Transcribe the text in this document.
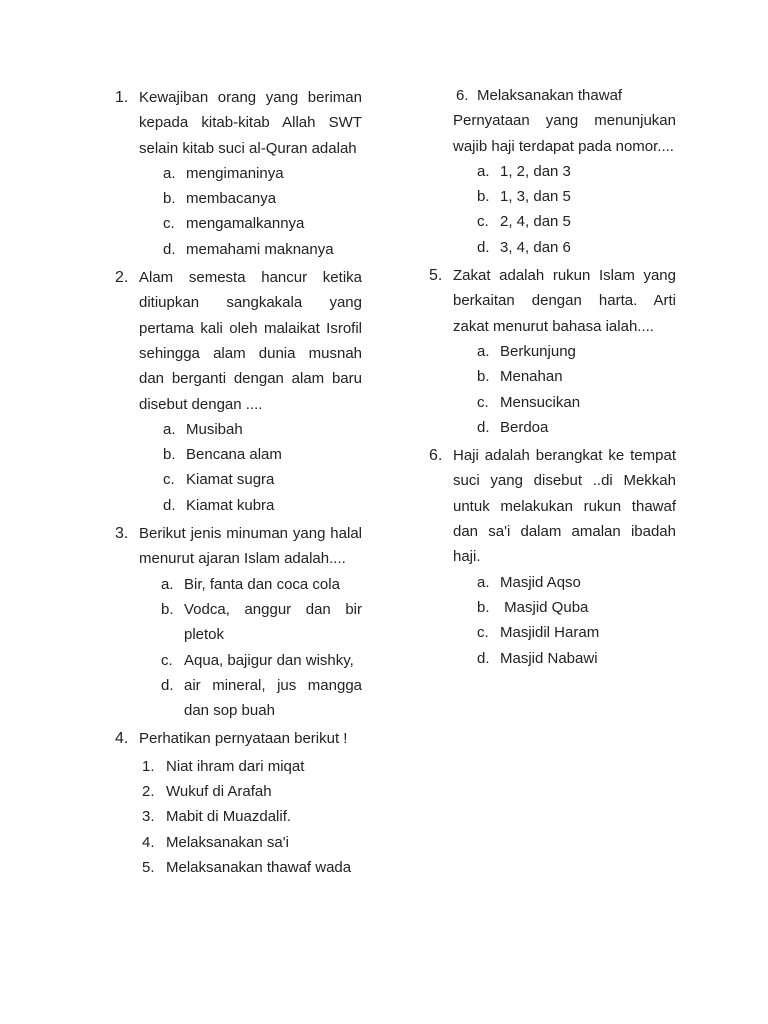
1. Kewajiban orang yang beriman kepada kitab-kitab Allah SWT selain kitab suci al-Quran adalah
a. mengimaninya
b. membacanya
c. mengamalkannya
d. memahami maknanya
2. Alam semesta hancur ketika ditiupkan sangkakala yang pertama kali oleh malaikat Isrofil sehingga alam dunia musnah dan berganti dengan alam baru disebut dengan ....
a. Musibah
b. Bencana alam
c. Kiamat sugra
d. Kiamat kubra
3. Berikut jenis minuman yang halal menurut ajaran Islam adalah....
a. Bir, fanta dan coca cola
b. Vodca, anggur dan bir pletok
c. Aqua, bajigur dan wishky,
d. air mineral, jus mangga dan sop buah
4. Perhatikan pernyataan berikut !
1. Niat ihram dari miqat
2. Wukuf di Arafah
3. Mabit di Muazdalif.
4. Melaksanakan sa'i
5. Melaksanakan thawaf wada
6. Melaksanakan thawaf
Pernyataan yang menunjukan wajib haji terdapat pada nomor....
a. 1, 2, dan 3
b. 1, 3, dan 5
c. 2, 4, dan 5
d. 3, 4, dan 6
5. Zakat adalah rukun Islam yang berkaitan dengan harta. Arti zakat menurut bahasa ialah....
a. Berkunjung
b. Menahan
c. Mensucikan
d. Berdoa
6. Haji adalah berangkat ke tempat suci yang disebut ..di Mekkah untuk melakukan rukun thawaf dan sa'i dalam amalan ibadah haji.
a. Masjid Aqso
b. Masjid Quba
c. Masjidil Haram
d. Masjid Nabawi
